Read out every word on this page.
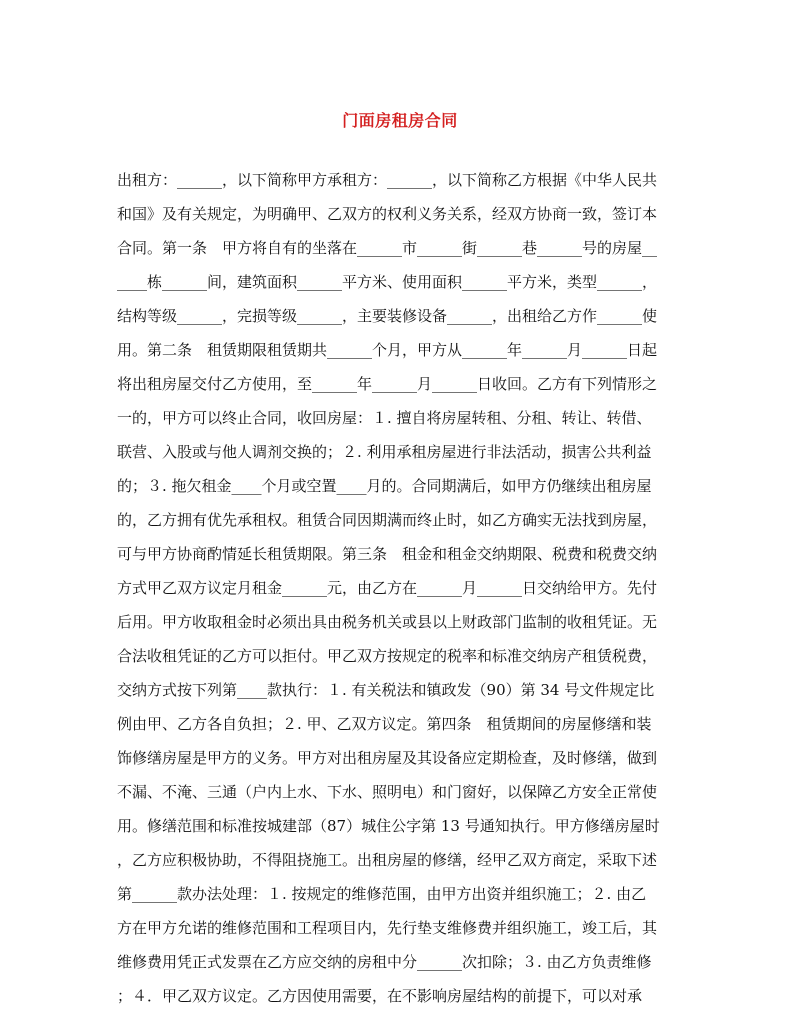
门面房租房合同
出租方：______，以下简称甲方承租方：______，以下简称乙方根据《中华人民共
和国》及有关规定，为明确甲、乙双方的权利义务关系，经双方协商一致，签订本
合同。第一条　甲方将自有的坐落在______市______街______巷______号的房屋__
____栋______间，建筑面积______平方米、使用面积______平方米，类型______，
结构等级______，完损等级______，主要装修设备______，出租给乙方作______使
用。第二条　租赁期限租赁期共______个月，甲方从______年______月______日起
将出租房屋交付乙方使用，至______年______月______日收回。乙方有下列情形之
一的，甲方可以终止合同，收回房屋：１. 擅自将房屋转租、分租、转让、转借、
联营、入股或与他人调剂交换的；２. 利用承租房屋进行非法活动，损害公共利益
的；３. 拖欠租金____个月或空置____月的。合同期满后，如甲方仍继续出租房屋
的，乙方拥有优先承租权。租赁合同因期满而终止时，如乙方确实无法找到房屋，
可与甲方协商酌情延长租赁期限。第三条　租金和租金交纳期限、税费和税费交纳
方式甲乙双方议定月租金______元，由乙方在______月______日交纳给甲方。先付
后用。甲方收取租金时必须出具由税务机关或县以上财政部门监制的收租凭证。无
合法收租凭证的乙方可以拒付。甲乙双方按规定的税率和标准交纳房产租赁税费，
交纳方式按下列第____款执行：１. 有关税法和镇政发（90）第 34 号文件规定比
例由甲、乙方各自负担；２. 甲、乙双方议定。第四条　租赁期间的房屋修缮和装
饰修缮房屋是甲方的义务。甲方对出租房屋及其设备应定期检查，及时修缮，做到
不漏、不淹、三通（户内上水、下水、照明电）和门窗好，以保障乙方安全正常使
用。修缮范围和标准按城建部（87）城住公字第 13 号通知执行。甲方修缮房屋时
，乙方应积极协助，不得阻挠施工。出租房屋的修缮，经甲乙双方商定，采取下述
第______款办法处理：１. 按规定的维修范围，由甲方出资并组织施工；２. 由乙
方在甲方允诺的维修范围和工程项目内，先行垫支维修费并组织施工，竣工后，其
维修费用凭正式发票在乙方应交纳的房租中分______次扣除；３. 由乙方负责维修
；４．甲乙双方议定。乙方因使用需要，在不影响房屋结构的前提下，可以对承
